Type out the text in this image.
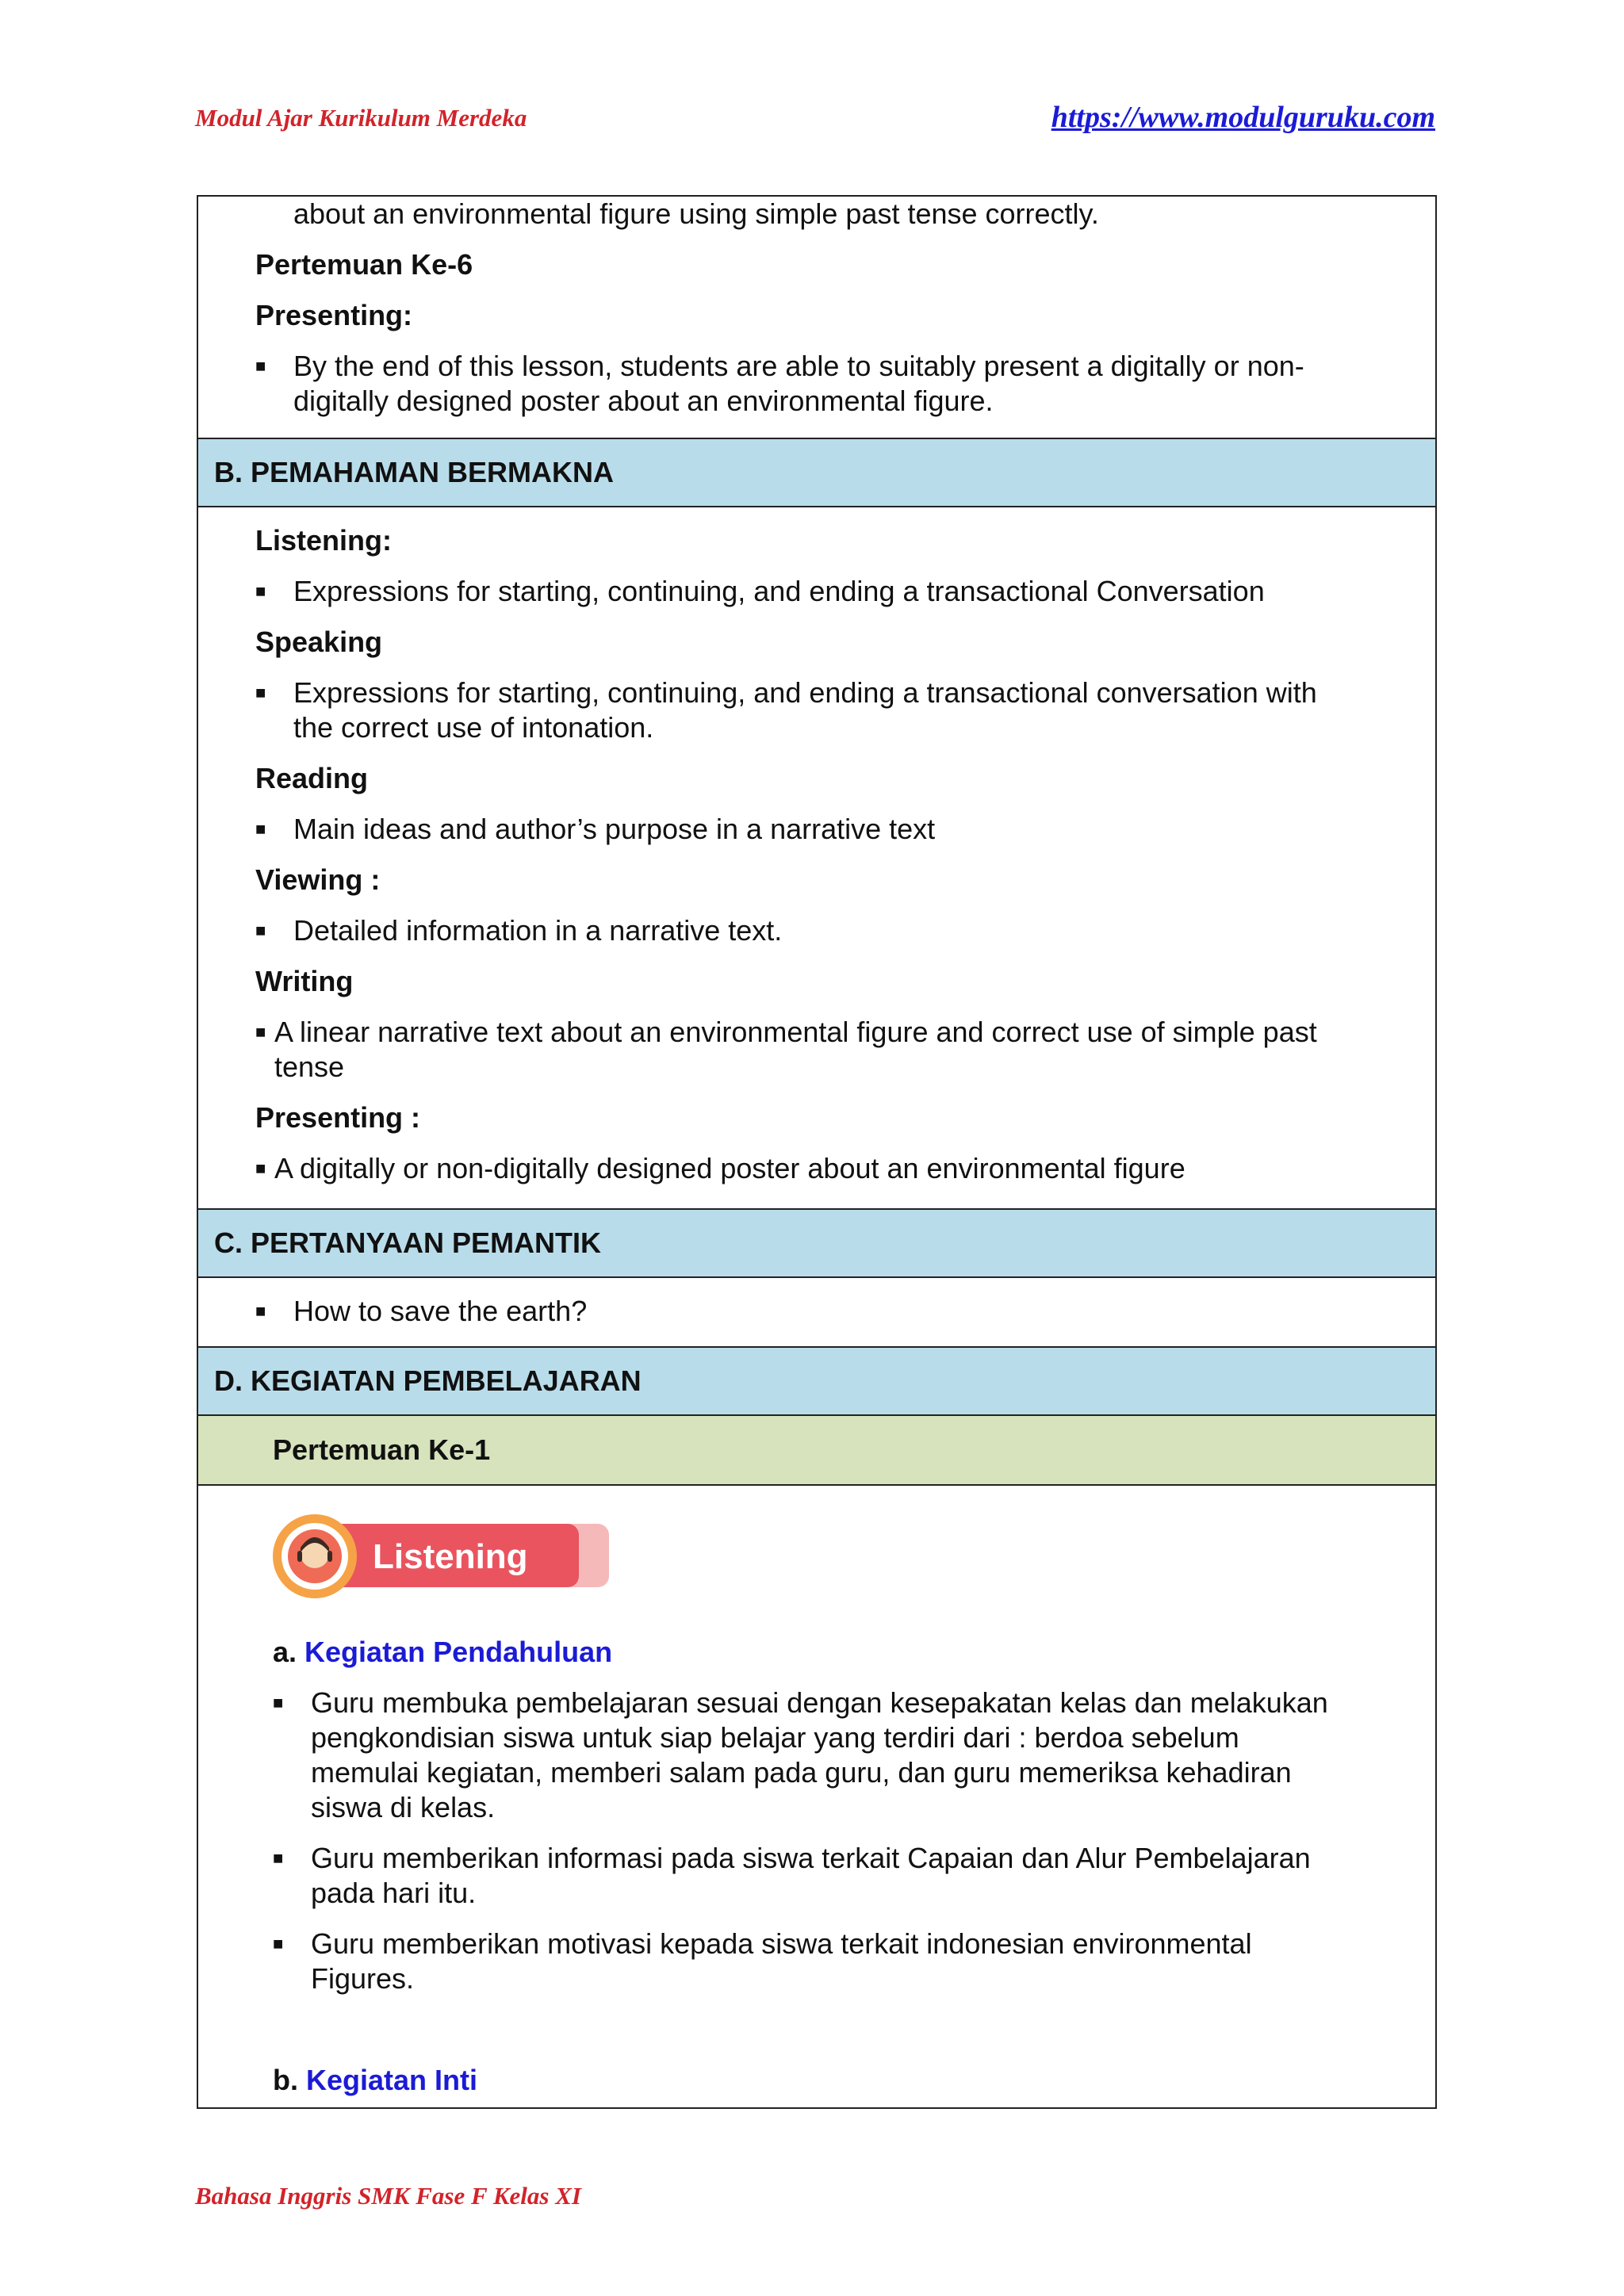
Modul Ajar Kurikulum Merdeka	https://www.modulguruku.com
about an environmental figure using simple past tense correctly.
Pertemuan Ke-6
Presenting:
■ By the end of this lesson, students are able to suitably present a digitally or non-
digitally designed poster about an environmental figure.
B. PEMAHAMAN BERMAKNA
Listening:
■ Expressions for starting, continuing, and ending a transactional Conversation
Speaking
■ Expressions for starting, continuing, and ending a transactional conversation with
the correct use of intonation.
Reading
■ Main ideas and author’s purpose in a narrative text
Viewing :
■ Detailed information in a narrative text.
Writing
■ A linear narrative text about an environmental figure and correct use of simple past
tense
Presenting :
■ A digitally or non-digitally designed poster about an environmental figure
C. PERTANYAAN PEMANTIK
■ How to save the earth?
D. KEGIATAN PEMBELAJARAN
Pertemuan Ke-1
Listening
a. Kegiatan Pendahuluan
■ Guru membuka pembelajaran sesuai dengan kesepakatan kelas dan melakukan
pengkondisian siswa untuk siap belajar yang terdiri dari : berdoa sebelum
memulai kegiatan, memberi salam pada guru, dan guru memeriksa kehadiran
siswa di kelas.
■ Guru memberikan informasi pada siswa terkait Capaian dan Alur Pembelajaran
pada hari itu.
■ Guru memberikan motivasi kepada siswa terkait indonesian environmental
Figures.
b. Kegiatan Inti
Bahasa Inggris SMK Fase F Kelas XI
